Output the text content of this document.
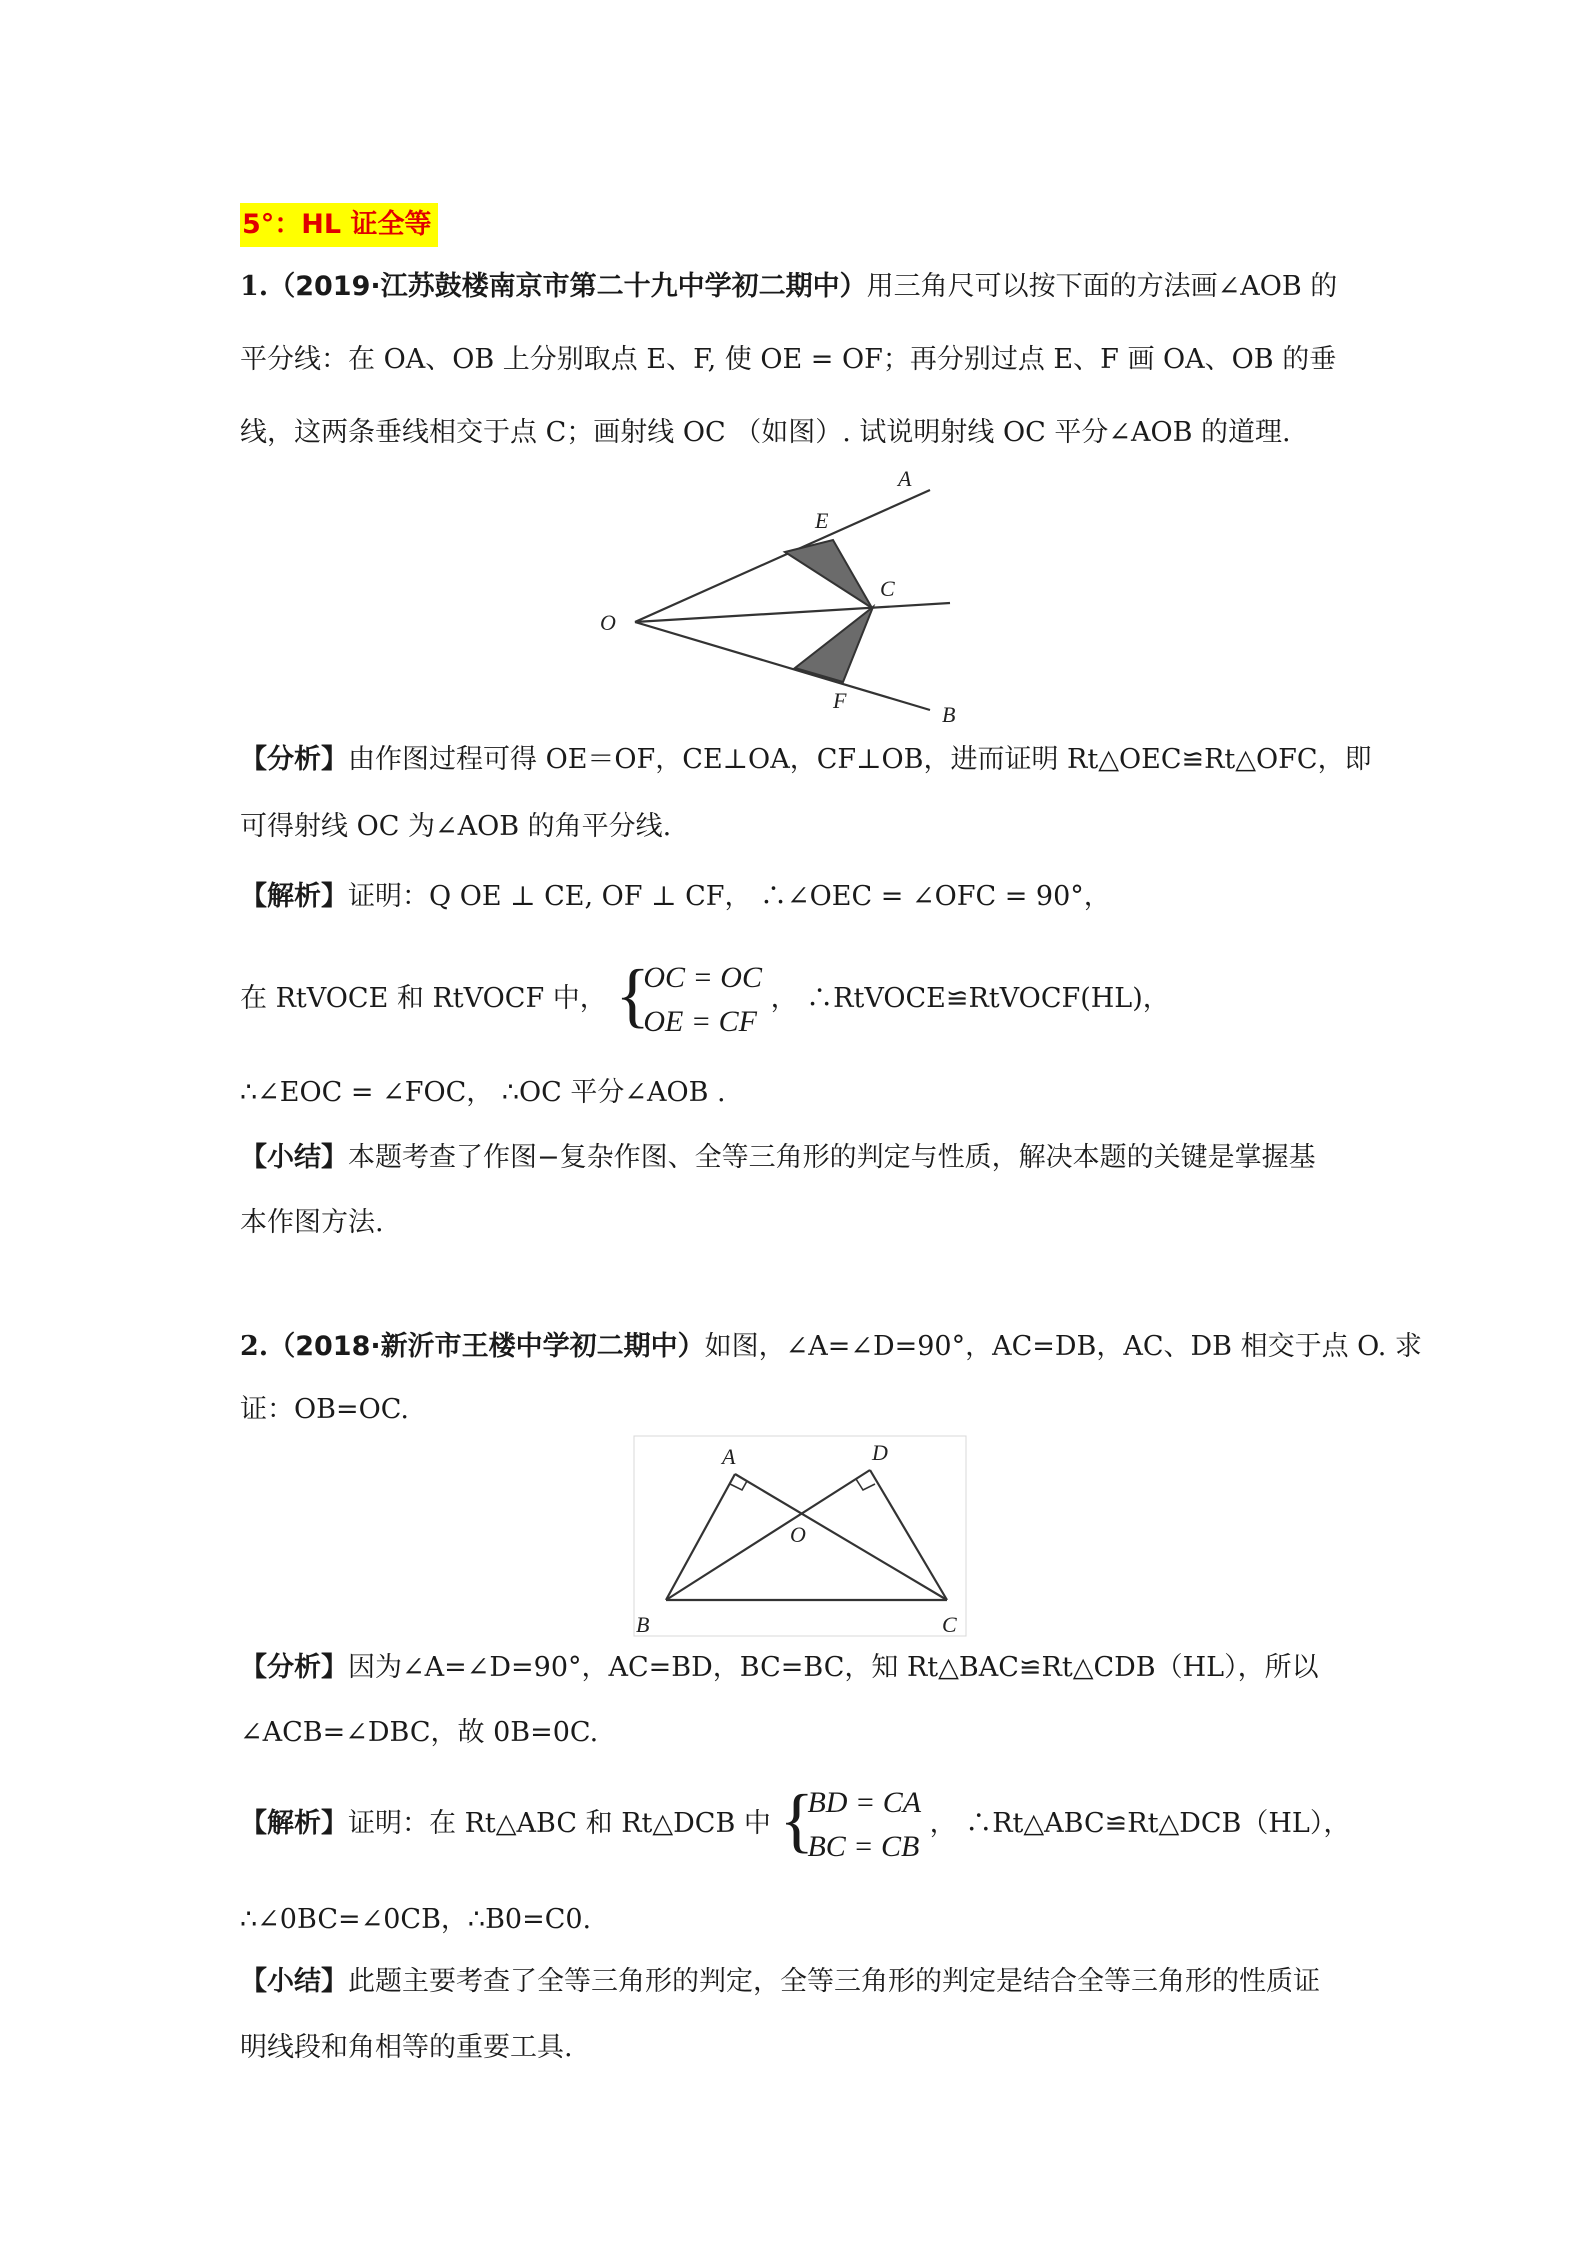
5°：HL 证全等
1.（2019·江苏鼓楼南京市第二十九中学初二期中）用三角尺可以按下面的方法画∠AOB 的
平分线：在 OA、OB 上分别取点 E、F, 使 OE = OF；再分别过点 E、F 画 OA、OB 的垂
线，这两条垂线相交于点 C；画射线 OC （如图）. 试说明射线 OC 平分∠AOB 的道理.
A
E
C
O
F
B
【分析】由作图过程可得 OE＝OF，CE⊥OA，CF⊥OB，进而证明 Rt△OEC≌Rt△OFC，即
可得射线 OC 为∠AOB 的角平分线.
【解析】证明：Q OE ⊥ CE, OF ⊥ CF， ∴∠OEC = ∠OFC = 90°，
在 RtVOCE 和 RtVOCF 中， {
OC = OC
OE = CF
， ∴RtVOCE≌RtVOCF(HL)，
∴∠EOC = ∠FOC， ∴OC 平分∠AOB .
【小结】本题考查了作图−复杂作图、全等三角形的判定与性质，解决本题的关键是掌握基
本作图方法.
2.（2018·新沂市王楼中学初二期中）如图，∠A=∠D=90°，AC=DB，AC、DB 相交于点 O. 求
证：OB=OC.
A	D
O
B	C
【分析】因为∠A=∠D=90°，AC=BD，BC=BC，知 Rt△BAC≌Rt△CDB（HL），所以
∠ACB=∠DBC，故 0B=0C.
【解析】证明：在 Rt△ABC 和 Rt△DCB 中 {
BD = CA
BC = CB
， ∴Rt△ABC≌Rt△DCB（HL），
∴∠0BC=∠0CB，∴B0=C0.
【小结】此题主要考查了全等三角形的判定，全等三角形的判定是结合全等三角形的性质证
明线段和角相等的重要工具.
